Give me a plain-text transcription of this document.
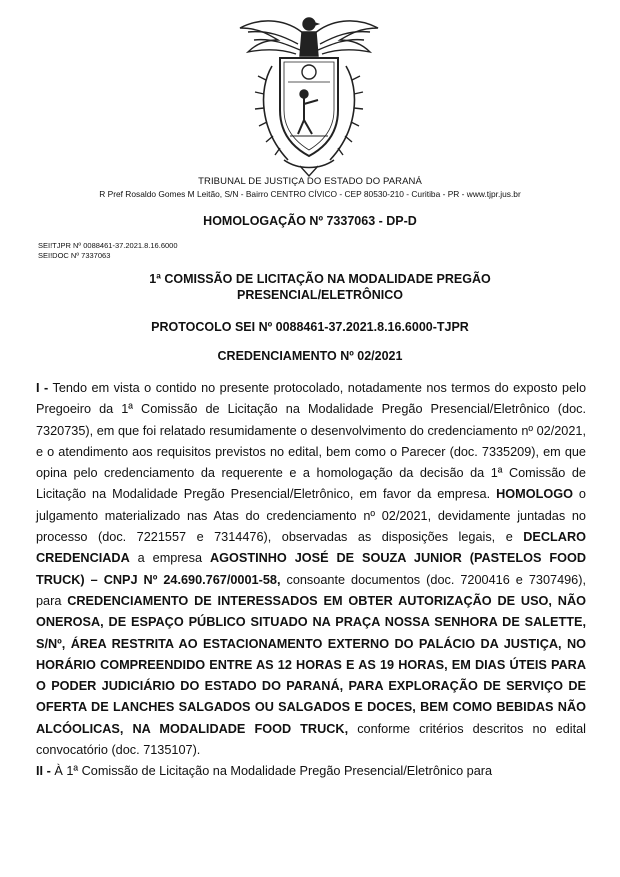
TRIBUNAL DE JUSTIÇA DO ESTADO DO PARANÁ
R Pref Rosaldo Gomes M Leitão, S/N - Bairro CENTRO CÍVICO - CEP 80530-210 - Curitiba - PR - www.tjpr.jus.br
HOMOLOGAÇÃO Nº 7337063 - DP-D
SEI!TJPR Nº 0088461-37.2021.8.16.6000
SEI!DOC Nº 7337063
1ª COMISSÃO DE LICITAÇÃO NA MODALIDADE PREGÃO
PRESENCIAL/ELETRÔNICO
PROTOCOLO SEI Nº 0088461-37.2021.8.16.6000-TJPR
CREDENCIAMENTO Nº 02/2021

I - Tendo em vista o contido no presente protocolado, notadamente nos termos do exposto pelo Pregoeiro da 1ª Comissão de Licitação na Modalidade Pregão Presencial/Eletrônico (doc. 7320735), em que foi relatado resumidamente o desenvolvimento do credenciamento nº 02/2021, e o atendimento aos requisitos previstos no edital, bem como o Parecer (doc. 7335209), em que opina pelo credenciamento da requerente e a homologação da decisão da 1ª Comissão de Licitação na Modalidade Pregão Presencial/Eletrônico, em favor da empresa. HOMOLOGO o julgamento materializado nas Atas do credenciamento nº 02/2021, devidamente juntadas no processo (doc. 7221557 e 7314476), observadas as disposições legais, e DECLARO CREDENCIADA a empresa AGOSTINHO JOSÉ DE SOUZA JUNIOR (PASTELOS FOOD TRUCK) – CNPJ Nº 24.690.767/0001-58, consoante documentos (doc. 7200416 e 7307496), para CREDENCIAMENTO DE INTERESSADOS EM OBTER AUTORIZAÇÃO DE USO, NÃO ONEROSA, DE ESPAÇO PÚBLICO SITUADO NA PRAÇA NOSSA SENHORA DE SALETTE, S/Nº, ÁREA RESTRITA AO ESTACIONAMENTO EXTERNO DO PALÁCIO DA JUSTIÇA, NO HORÁRIO COMPREENDIDO ENTRE AS 12 HORAS E AS 19 HORAS, EM DIAS ÚTEIS PARA O PODER JUDICIÁRIO DO ESTADO DO PARANÁ, PARA EXPLORAÇÃO DE SERVIÇO DE OFERTA DE LANCHES SALGADOS OU SALGADOS E DOCES, BEM COMO BEBIDAS NÃO ALCÓOLICAS, NA MODALIDADE FOOD TRUCK, conforme critérios descritos no edital convocatório (doc. 7135107).

II - À 1ª Comissão de Licitação na Modalidade Pregão Presencial/Eletrônico para
